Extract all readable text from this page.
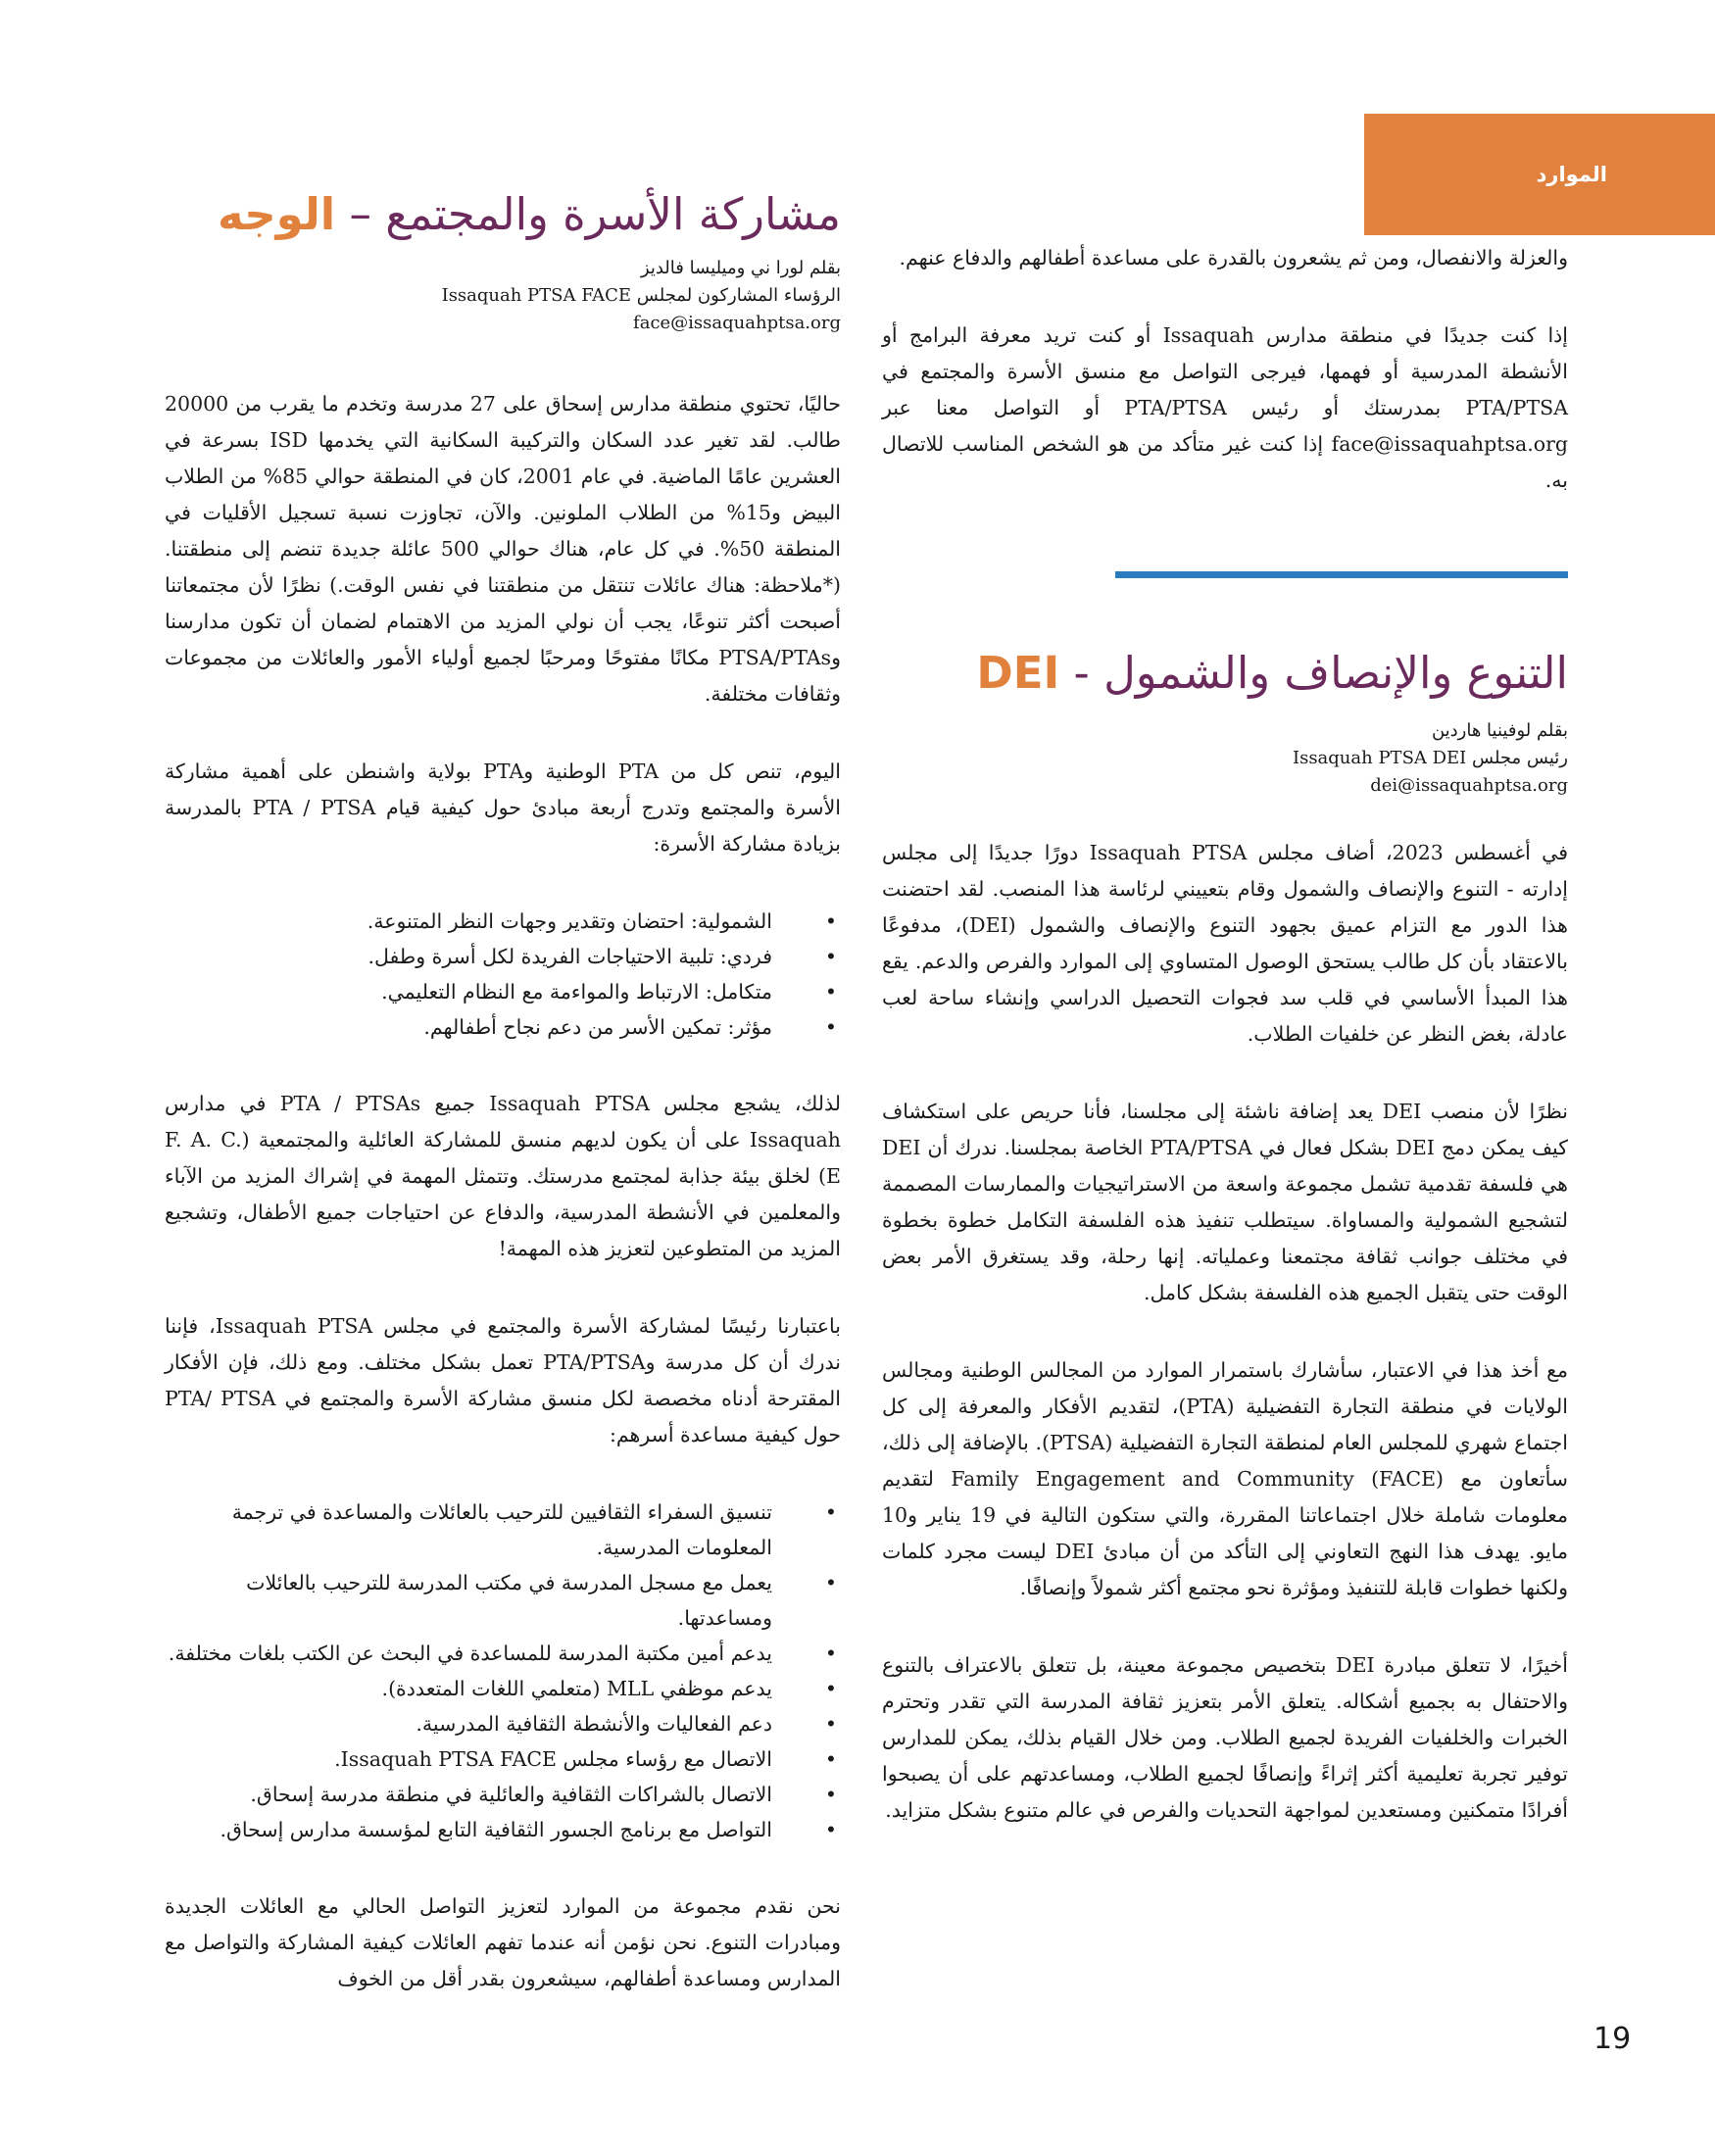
الموارد
مشاركة الأسرة والمجتمع – الوجه

بقلم لورا ني وميليسا فالديز

الرؤساء المشاركون لمجلس Issaquah PTSA FACE

face@issaquahptsa.org

حاليًا، تحتوي منطقة مدارس إسحاق على 27 مدرسة وتخدم ما يقرب من 20000 طالب. لقد تغير عدد السكان والتركيبة السكانية التي يخدمها ISD بسرعة في العشرين عامًا الماضية. في عام 2001، كان في المنطقة حوالي 85% من الطلاب البيض و15% من الطلاب الملونين. والآن، تجاوزت نسبة تسجيل الأقليات في المنطقة 50%. في كل عام، هناك حوالي 500 عائلة جديدة تنضم إلى منطقتنا. (*ملاحظة: هناك عائلات تنتقل من منطقتنا في نفس الوقت.) نظرًا لأن مجتمعاتنا أصبحت أكثر تنوعًا، يجب أن نولي المزيد من الاهتمام لضمان أن تكون مدارسنا وPTSA/PTAs مكانًا مفتوحًا ومرحبًا لجميع أولياء الأمور والعائلات من مجموعات وثقافات مختلفة.

اليوم، تنص كل من PTA الوطنية وPTA بولاية واشنطن على أهمية مشاركة الأسرة والمجتمع وتدرج أربعة مبادئ حول كيفية قيام PTA / PTSA بالمدرسة بزيادة مشاركة الأسرة:

• الشمولية: احتضان وتقدير وجهات النظر المتنوعة.
• فردي: تلبية الاحتياجات الفريدة لكل أسرة وطفل.
• متكامل: الارتباط والمواءمة مع النظام التعليمي.
• مؤثر: تمكين الأسر من دعم نجاح أطفالهم.

لذلك، يشجع مجلس Issaquah PTSA جميع PTA / PTSAs في مدارس Issaquah على أن يكون لديهم منسق للمشاركة العائلية والمجتمعية (F. A. C. E) لخلق بيئة جذابة لمجتمع مدرستك. وتتمثل المهمة في إشراك المزيد من الآباء والمعلمين في الأنشطة المدرسية، والدفاع عن احتياجات جميع الأطفال، وتشجيع المزيد من المتطوعين لتعزيز هذه المهمة!

باعتبارنا رئيسًا لمشاركة الأسرة والمجتمع في مجلس Issaquah PTSA، فإننا ندرك أن كل مدرسة وPTA/PTSA تعمل بشكل مختلف. ومع ذلك، فإن الأفكار المقترحة أدناه مخصصة لكل منسق مشاركة الأسرة والمجتمع في PTA/ PTSA حول كيفية مساعدة أسرهم:

• تنسيق السفراء الثقافيين للترحيب بالعائلات والمساعدة في ترجمة المعلومات المدرسية.
• يعمل مع مسجل المدرسة في مكتب المدرسة للترحيب بالعائلات ومساعدتها.
• يدعم أمين مكتبة المدرسة للمساعدة في البحث عن الكتب بلغات مختلفة.
• يدعم موظفي MLL (متعلمي اللغات المتعددة).
• دعم الفعاليات والأنشطة الثقافية المدرسية.
• الاتصال مع رؤساء مجلس Issaquah PTSA FACE.
• الاتصال بالشراكات الثقافية والعائلية في منطقة مدرسة إسحاق.
• التواصل مع برنامج الجسور الثقافية التابع لمؤسسة مدارس إسحاق.

نحن نقدم مجموعة من الموارد لتعزيز التواصل الحالي مع العائلات الجديدة ومبادرات التنوع. نحن نؤمن أنه عندما تفهم العائلات كيفية المشاركة والتواصل مع المدارس ومساعدة أطفالهم، سيشعرون بقدر أقل من الخوف

والعزلة والانفصال، ومن ثم يشعرون بالقدرة على مساعدة أطفالهم والدفاع عنهم.

إذا كنت جديدًا في منطقة مدارس Issaquah أو كنت تريد معرفة البرامج أو الأنشطة المدرسية أو فهمها، فيرجى التواصل مع منسق الأسرة والمجتمع في PTA/PTSA بمدرستك أو رئيس PTA/PTSA أو التواصل معنا عبر face@issaquahptsa.org إذا كنت غير متأكد من هو الشخص المناسب للاتصال به.

التنوع والإنصاف والشمول - DEI

بقلم لوفينيا هاردين

رئيس مجلس Issaquah PTSA DEI

dei@issaquahptsa.org

في أغسطس 2023، أضاف مجلس Issaquah PTSA دورًا جديدًا إلى مجلس إدارته - التنوع والإنصاف والشمول وقام بتعييني لرئاسة هذا المنصب. لقد احتضنت هذا الدور مع التزام عميق بجهود التنوع والإنصاف والشمول (DEI)، مدفوعًا بالاعتقاد بأن كل طالب يستحق الوصول المتساوي إلى الموارد والفرص والدعم. يقع هذا المبدأ الأساسي في قلب سد فجوات التحصيل الدراسي وإنشاء ساحة لعب عادلة، بغض النظر عن خلفيات الطلاب.

نظرًا لأن منصب DEI يعد إضافة ناشئة إلى مجلسنا، فأنا حريص على استكشاف كيف يمكن دمج DEI بشكل فعال في PTA/PTSA الخاصة بمجلسنا. ندرك أن DEI هي فلسفة تقدمية تشمل مجموعة واسعة من الاستراتيجيات والممارسات المصممة لتشجيع الشمولية والمساواة. سيتطلب تنفيذ هذه الفلسفة التكامل خطوة بخطوة في مختلف جوانب ثقافة مجتمعنا وعملياته. إنها رحلة، وقد يستغرق الأمر بعض الوقت حتى يتقبل الجميع هذه الفلسفة بشكل كامل.

مع أخذ هذا في الاعتبار، سأشارك باستمرار الموارد من المجالس الوطنية ومجالس الولايات في منطقة التجارة التفضيلية (PTA)، لتقديم الأفكار والمعرفة إلى كل اجتماع شهري للمجلس العام لمنطقة التجارة التفضيلية (PTSA). بالإضافة إلى ذلك، سأتعاون مع Family Engagement and Community (FACE) لتقديم معلومات شاملة خلال اجتماعاتنا المقررة، والتي ستكون التالية في 19 يناير و10 مايو. يهدف هذا النهج التعاوني إلى التأكد من أن مبادئ DEI ليست مجرد كلمات ولكنها خطوات قابلة للتنفيذ ومؤثرة نحو مجتمع أكثر شمولاً وإنصافًا.

أخيرًا، لا تتعلق مبادرة DEI بتخصيص مجموعة معينة، بل تتعلق بالاعتراف بالتنوع والاحتفال به بجميع أشكاله. يتعلق الأمر بتعزيز ثقافة المدرسة التي تقدر وتحترم الخبرات والخلفيات الفريدة لجميع الطلاب. ومن خلال القيام بذلك، يمكن للمدارس توفير تجربة تعليمية أكثر إثراءً وإنصافًا لجميع الطلاب، ومساعدتهم على أن يصبحوا أفرادًا متمكنين ومستعدين لمواجهة التحديات والفرص في عالم متنوع بشكل متزايد.

19
